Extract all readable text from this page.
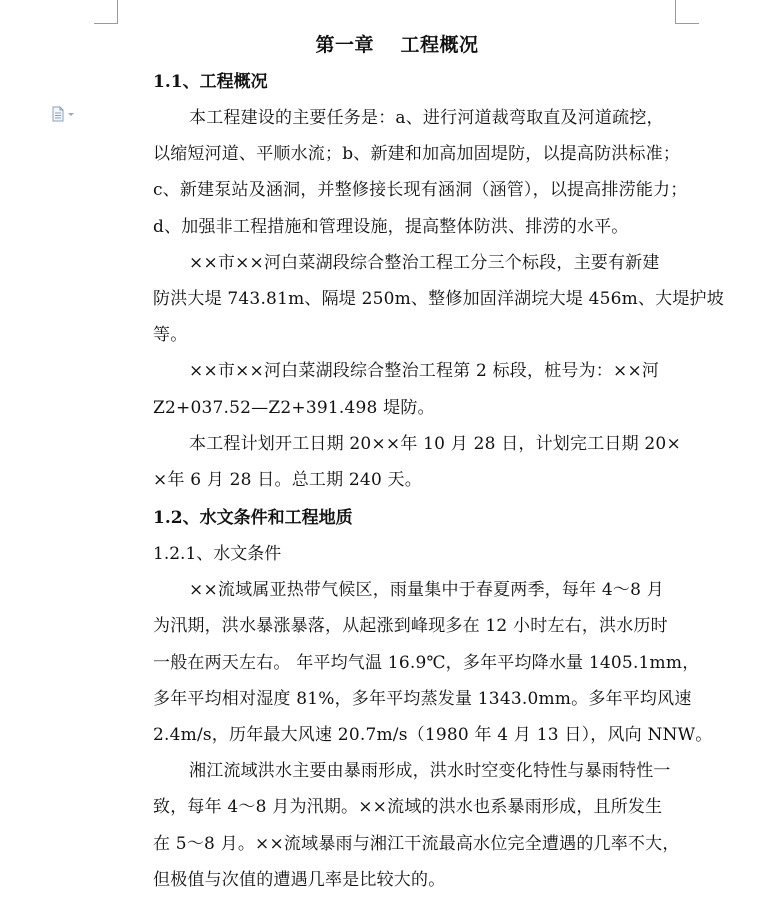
第一章　 工程概况
1.1、工程概况
本工程建设的主要任务是：a、进行河道裁弯取直及河道疏挖，
以缩短河道、平顺水流；b、新建和加高加固堤防，以提高防洪标准；
c、新建泵站及涵洞，并整修接长现有涵洞（涵管），以提高排涝能力；
d、加强非工程措施和管理设施，提高整体防洪、排涝的水平。
××市××河白菜湖段综合整治工程工分三个标段，主要有新建
防洪大堤 743.81m、隔堤 250m、整修加固洋湖垸大堤 456m、大堤护坡
等。
××市××河白菜湖段综合整治工程第 2 标段，桩号为：××河
Z2+037.52—Z2+391.498 堤防。
本工程计划开工日期 20××年 10 月 28 日，计划完工日期 20×
×年 6 月 28 日。总工期 240 天。
1.2、水文条件和工程地质
1.2.1、水文条件
××流域属亚热带气候区，雨量集中于春夏两季，每年 4～8 月
为汛期，洪水暴涨暴落，从起涨到峰现多在 12 小时左右，洪水历时
一般在两天左右。 年平均气温 16.9℃，多年平均降水量 1405.1mm，
多年平均相对湿度 81%，多年平均蒸发量 1343.0mm。多年平均风速
2.4m/s，历年最大风速 20.7m/s（1980 年 4 月 13 日），风向 NNW。
湘江流域洪水主要由暴雨形成，洪水时空变化特性与暴雨特性一
致，每年 4～8 月为汛期。××流域的洪水也系暴雨形成，且所发生
在 5～8 月。××流域暴雨与湘江干流最高水位完全遭遇的几率不大，
但极值与次值的遭遇几率是比较大的。
